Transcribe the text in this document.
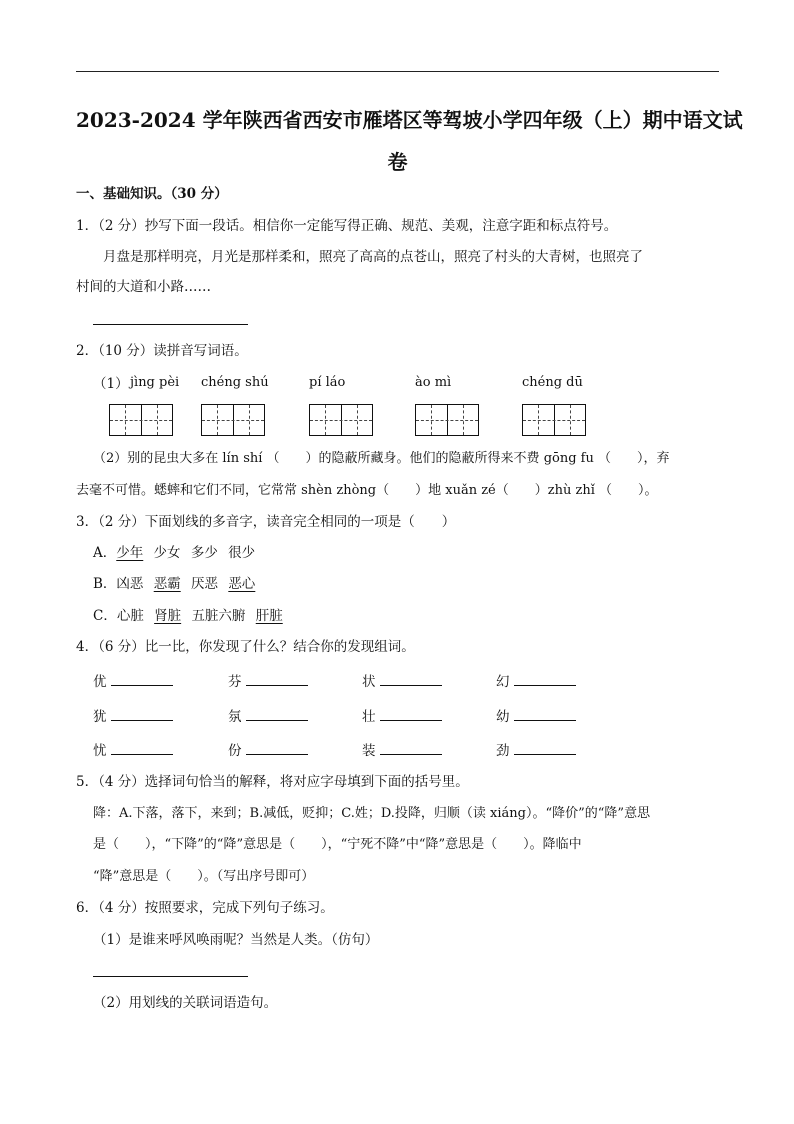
2023-2024 学年陕西省西安市雁塔区等驾坡小学四年级（上）期中语文试
卷
一、基础知识。（30 分）
1．（2 分）抄写下面一段话。相信你一定能写得正确、规范、美观，注意字距和标点符号。
月盘是那样明亮，月光是那样柔和，照亮了高高的点苍山，照亮了村头的大青树，也照亮了
村间的大道和小路……
2．（10 分）读拼音写词语。
（1） jìng pèi chéng shú	pí láo	ào mì	chéng dū
（2）别的昆虫大多在 lín shí （　　）的隐蔽所藏身。他们的隐蔽所得来不费 gōng fu （　　），弃
去毫不可惜。蟋蟀和它们不同，它常常 shèn zhòng（　　）地 xuǎn zé（　　）zhù zhǐ （　　）。
3．（2 分）下面划线的多音字，读音完全相同的一项是（　　）
A．少年 少女 多少 很少
B．凶恶 恶霸 厌恶 恶心
C．心脏 肾脏 五脏六腑 肝脏
4．（6 分）比一比，你发现了什么？结合你的发现组词。
优	芬	状	幻
犹	氛	壮	幼
忧	份	装	劲
5．（4 分）选择词句恰当的解释，将对应字母填到下面的括号里。
降：A.下落，落下，来到；B.减低，贬抑；C.姓；D.投降，归顺（读 xiáng）。“降价”的“降”意思
是（　　），“下降”的“降”意思是（　　），“宁死不降”中“降”意思是（　　）。降临中
“降”意思是（　　）。（写出序号即可）
6．（4 分）按照要求，完成下列句子练习。
（1）是谁来呼风唤雨呢？当然是人类。（仿句）
（2）用划线的关联词语造句。
